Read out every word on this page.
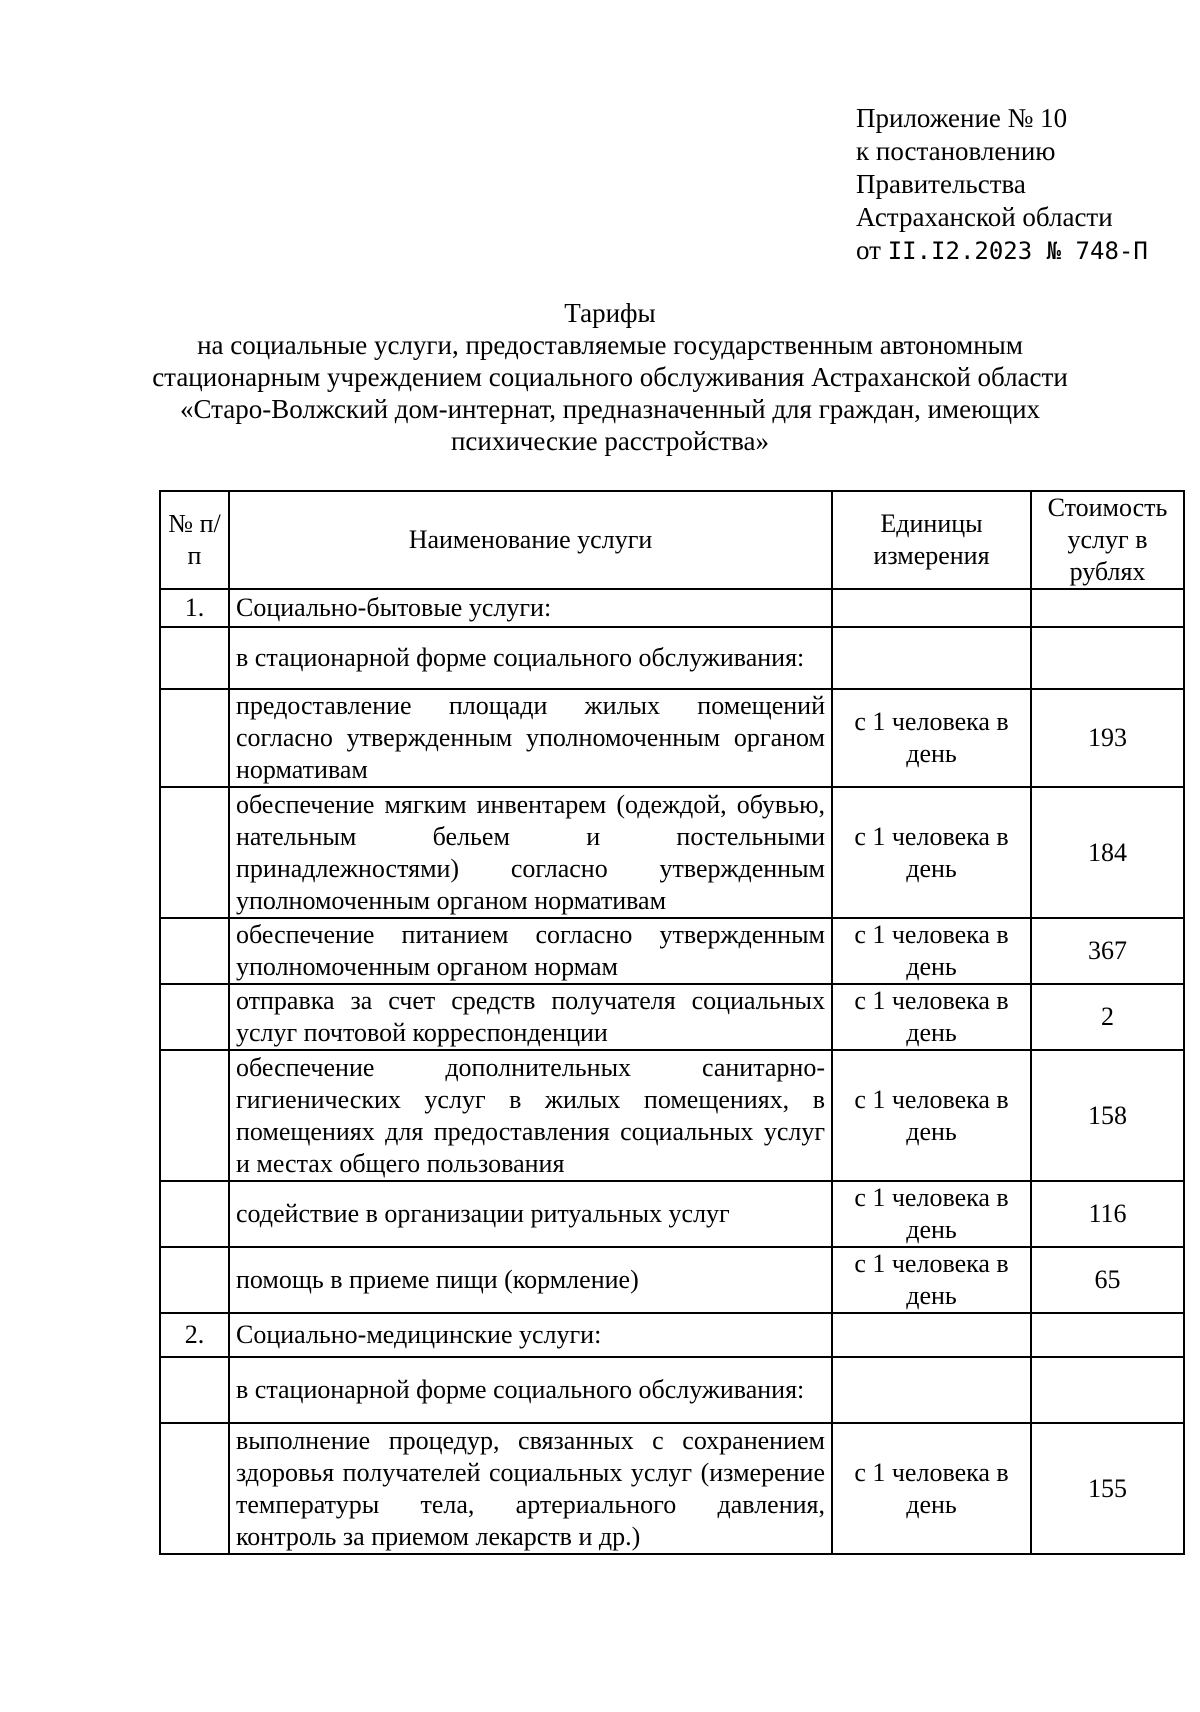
Приложение № 10
к постановлению
Правительства
Астраханской области
от II.I2.2023 № 748-П
Тарифы
на социальные услуги, предоставляемые государственным автономным
стационарным учреждением социального обслуживания Астраханской области
«Старо-Волжский дом-интернат, предназначенный для граждан, имеющих
психические расстройства»
№ п/п	Наименование услуги	Единицы измерения	Стоимость услуг в рублях
1.	Социально-бытовые услуги:		
	в стационарной форме социального обслуживания:		
	предоставление площади жилых помещений согласно утвержденным уполномоченным органом нормативам	с 1 человека в день	193
	обеспечение мягким инвентарем (одеждой, обувью, нательным бельем и постельными принадлежностями) согласно утвержденным уполномоченным органом нормативам	с 1 человека в день	184
	обеспечение питанием согласно утвержденным уполномоченным органом нормам	с 1 человека в день	367
	отправка за счет средств получателя социальных услуг почтовой корреспонденции	с 1 человека в день	2
	обеспечение дополнительных санитарно-гигиенических услуг в жилых помещениях, в помещениях для предоставления социальных услуг и местах общего пользования	с 1 человека в день	158
	содействие в организации ритуальных услуг	с 1 человека в день	116
	помощь в приеме пищи (кормление)	с 1 человека в день	65
2.	Социально-медицинские услуги:		
	в стационарной форме социального обслуживания:		
	выполнение процедур, связанных с сохранением здоровья получателей социальных услуг (измерение температуры тела, артериального давления, контроль за приемом лекарств и др.)	с 1 человека в день	155
